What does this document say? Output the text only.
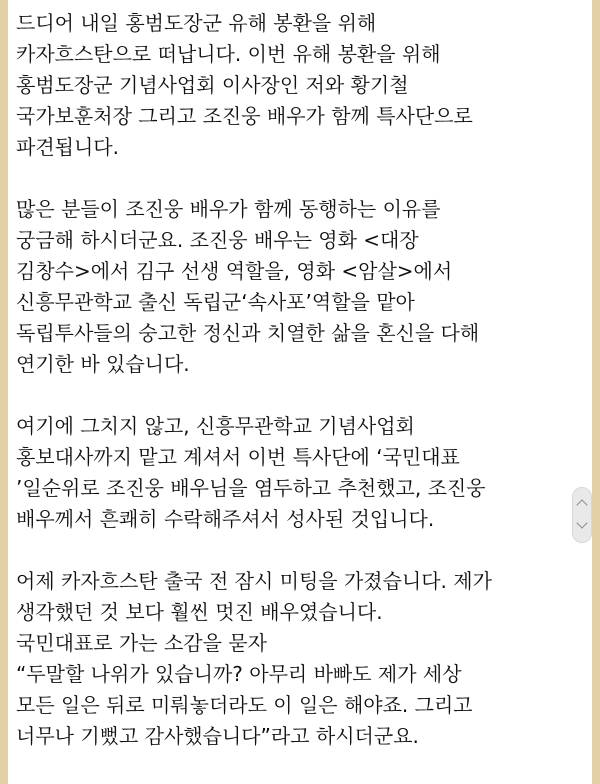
드디어 내일 홍범도장군 유해 봉환을 위해
카자흐스탄으로 떠납니다. 이번 유해 봉환을 위해
홍범도장군 기념사업회 이사장인 저와 황기철
국가보훈처장 그리고 조진웅 배우가 함께 특사단으로
파견됩니다.
많은 분들이 조진웅 배우가 함께 동행하는 이유를
궁금해 하시더군요. 조진웅 배우는 영화 <대장
김창수>에서 김구 선생 역할을, 영화 <암살>에서
신흥무관학교 출신 독립군‘속사포’역할을 맡아
독립투사들의 숭고한 정신과 치열한 삶을 혼신을 다해
연기한 바 있습니다.
여기에 그치지 않고, 신흥무관학교 기념사업회
홍보대사까지 맡고 계셔서 이번 특사단에 ‘국민대표
’일순위로 조진웅 배우님을 염두하고 추천했고, 조진웅
배우께서 흔쾌히 수락해주셔서 성사된 것입니다.
어제 카자흐스탄 출국 전 잠시 미팅을 가졌습니다. 제가
생각했던 것 보다 훨씬 멋진 배우였습니다.
국민대표로 가는 소감을 묻자
“두말할 나위가 있습니까? 아무리 바빠도 제가 세상
모든 일은 뒤로 미뤄놓더라도 이 일은 해야죠. 그리고
너무나 기뻤고 감사했습니다”라고 하시더군요.
